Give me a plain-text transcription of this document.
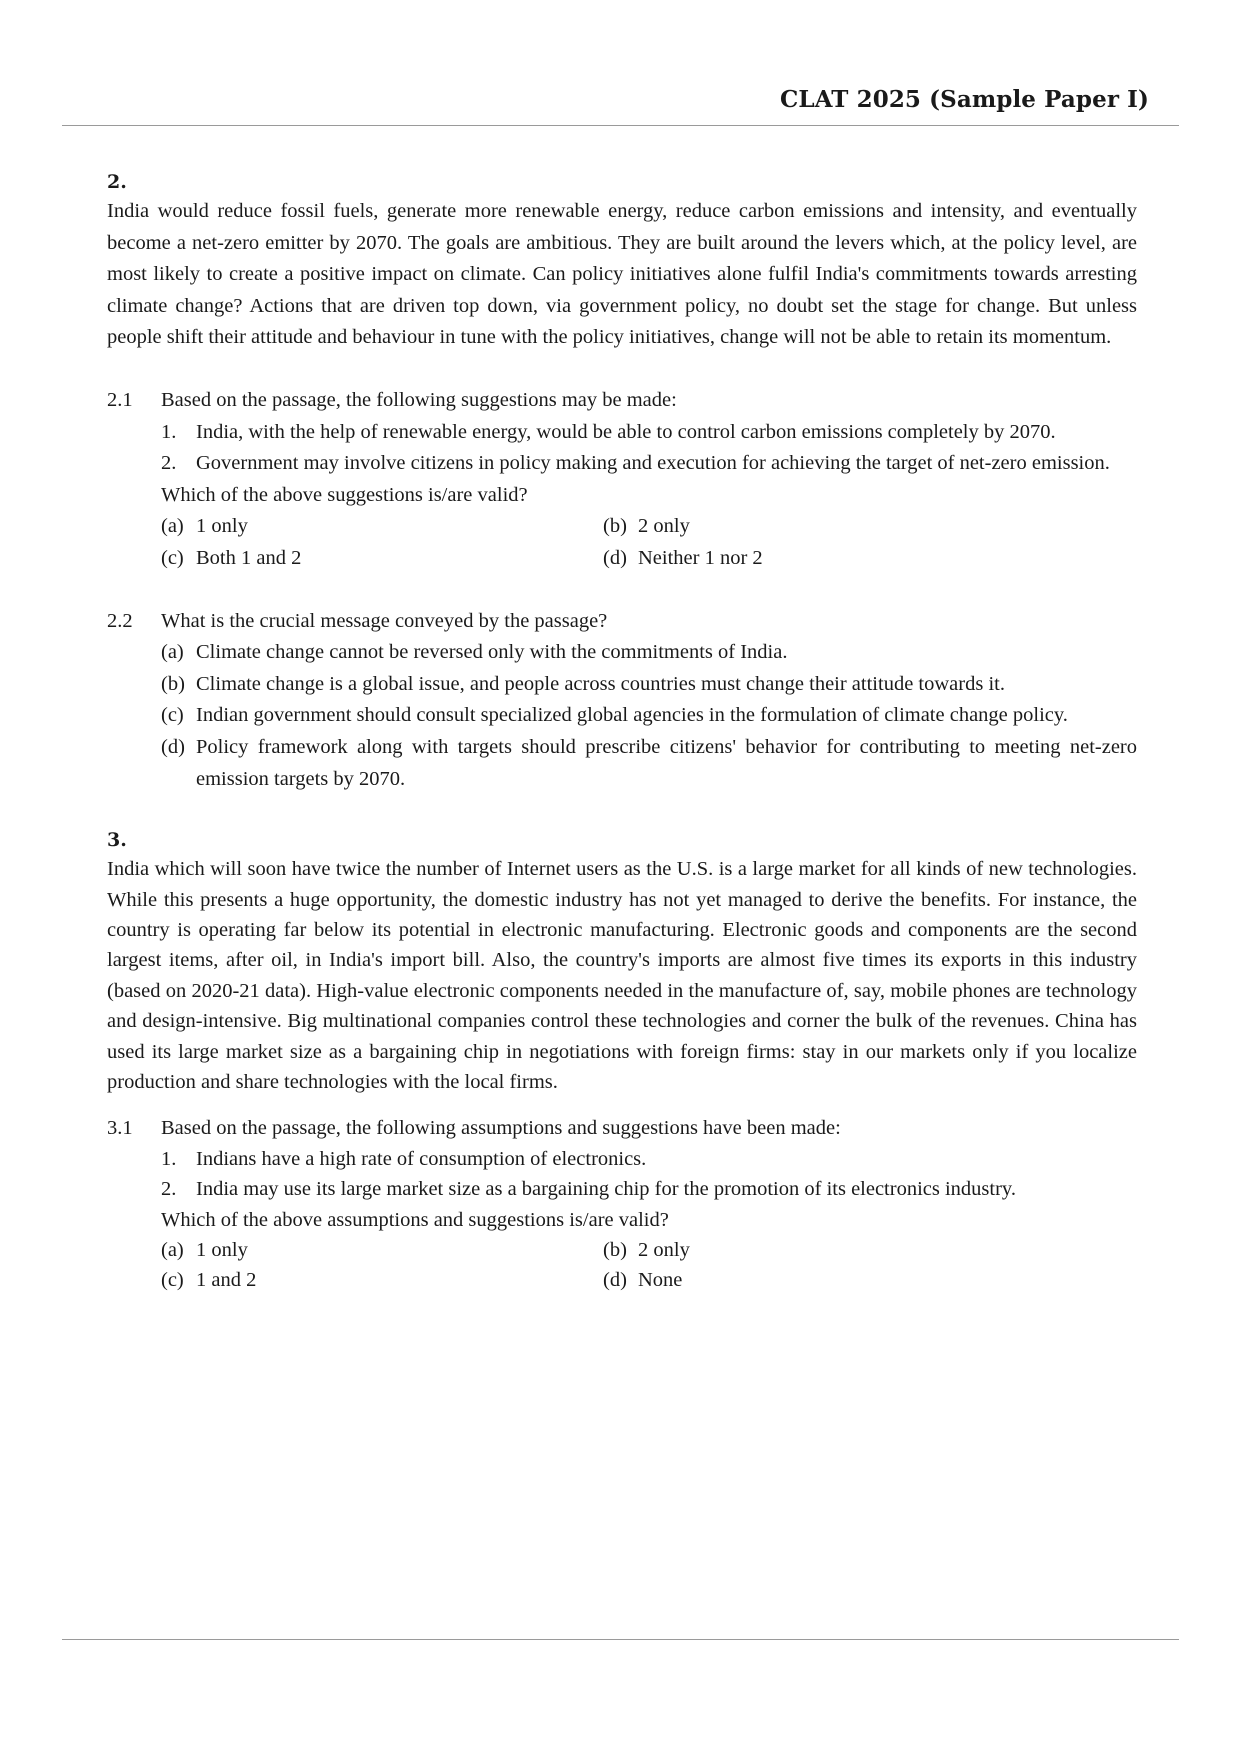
CLAT 2025 (Sample Paper I)
2.

India would reduce fossil fuels, generate more renewable energy, reduce carbon emissions and intensity, and eventually become a net-zero emitter by 2070. The goals are ambitious. They are built around the levers which, at the policy level, are most likely to create a positive impact on climate. Can policy initiatives alone fulfil India's commitments towards arresting climate change? Actions that are driven top down, via government policy, no doubt set the stage for change. But unless people shift their attitude and behaviour in tune with the policy initiatives, change will not be able to retain its momentum.

2.1	Based on the passage, the following suggestions may be made:
1. India, with the help of renewable energy, would be able to control carbon emissions completely by 2070.
2. Government may involve citizens in policy making and execution for achieving the target of net-zero emission.
Which of the above suggestions is/are valid?
(a) 1 only	(b) 2 only
(c) Both 1 and 2	(d) Neither 1 nor 2
2.2	What is the crucial message conveyed by the passage?
(a) Climate change cannot be reversed only with the commitments of India.
(b) Climate change is a global issue, and people across countries must change their attitude towards it.
(c) Indian government should consult specialized global agencies in the formulation of climate change policy.
(d) Policy framework along with targets should prescribe citizens' behavior for contributing to meeting net-zero emission targets by 2070.
3.

India which will soon have twice the number of Internet users as the U.S. is a large market for all kinds of new technologies. While this presents a huge opportunity, the domestic industry has not yet managed to derive the benefits. For instance, the country is operating far below its potential in electronic manufacturing. Electronic goods and components are the second largest items, after oil, in India's import bill. Also, the country's imports are almost five times its exports in this industry (based on 2020-21 data). High-value electronic components needed in the manufacture of, say, mobile phones are technology and design-intensive. Big multinational companies control these technologies and corner the bulk of the revenues. China has used its large market size as a bargaining chip in negotiations with foreign firms: stay in our markets only if you localize production and share technologies with the local firms.

3.1	Based on the passage, the following assumptions and suggestions have been made:
1. Indians have a high rate of consumption of electronics.
2. India may use its large market size as a bargaining chip for the promotion of its electronics industry.
Which of the above assumptions and suggestions is/are valid?
(a) 1 only	(b) 2 only
(c) 1 and 2	(d) None
